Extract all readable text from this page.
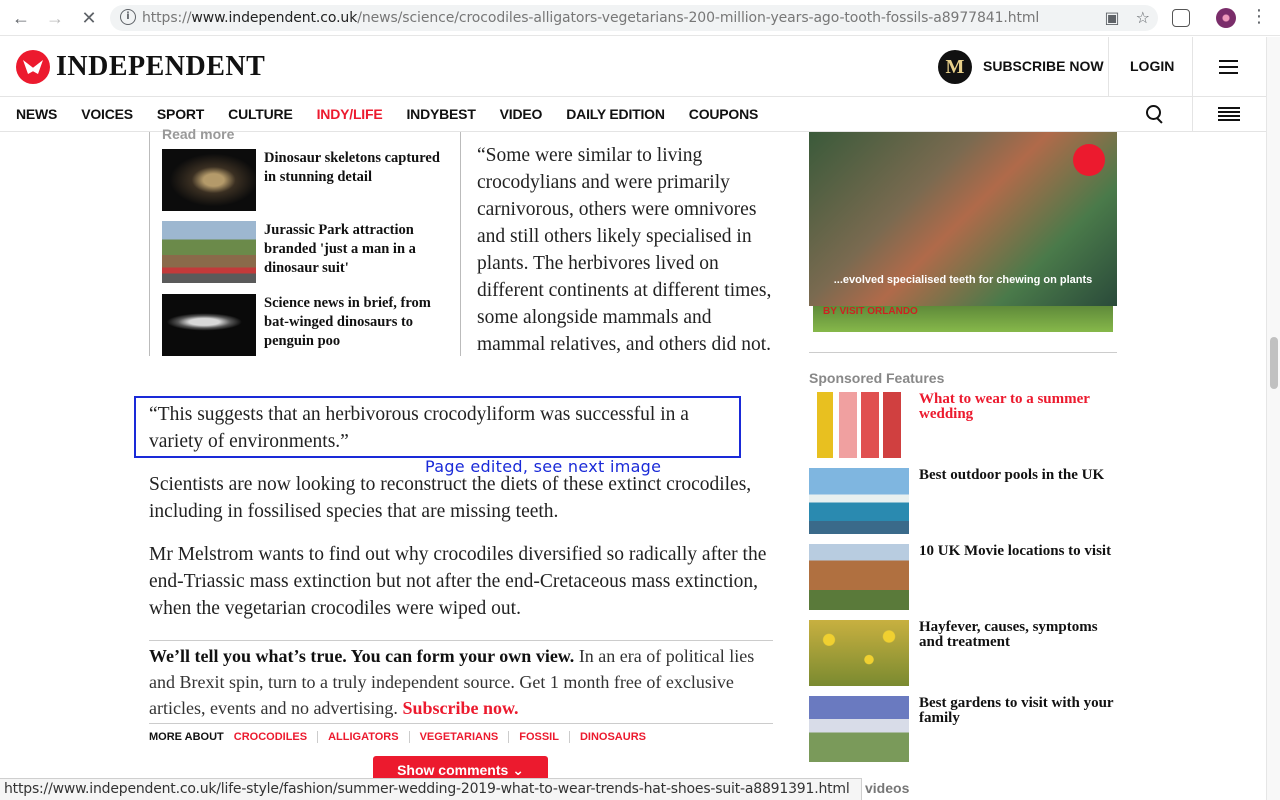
← → ✕	i https://www.independent.co.uk/news/science/crocodiles-alligators-vegetarians-200-million-years-ago-tooth-fossils-a8977841.html	▣ ☆	⋮
INDEPENDENT	M	SUBSCRIBE NOW LOGIN
NEWS VOICES SPORT CULTURE INDY/LIFE INDYBEST VIDEO DAILY EDITION COUPONS
Read more
Dinosaur skeletons captured in stunning detail
Jurassic Park attraction branded 'just a man in a dinosaur suit'
Science news in brief, from bat-winged dinosaurs to penguin poo
“Some were similar to living crocodylians and were primarily carnivorous, others were omnivores and still others likely specialised in plants. The herbivores lived on different continents at different times, some alongside mammals and mammal relatives, and others did not.
“This suggests that an herbivorous crocodyliform was successful in a variety of environments.”
Page edited, see next image
Scientists are now looking to reconstruct the diets of these extinct crocodiles, including in fossilised species that are missing teeth.
Mr Melstrom wants to find out why crocodiles diversified so radically after the end-Triassic mass extinction but not after the end-Cretaceous mass extinction, when the vegetarian crocodiles were wiped out.
We’ll tell you what’s true. You can form your own view. In an era of political lies and Brexit spin, turn to a truly independent source. Get 1 month free of exclusive articles, events and no advertising. Subscribe now.
MORE ABOUT CROCODILES	ALLIGATORS	VEGETARIANS	FOSSIL	DINOSAURS
Show comments ⌄
...evolved specialised teeth for chewing on plants
BY VISIT ORLANDO
Sponsored Features
What to wear to a summer wedding
Best outdoor pools in the UK
10 UK Movie locations to visit
Hayfever, causes, symptoms and treatment
Best gardens to visit with your family
videos
https://www.independent.co.uk/life-style/fashion/summer-wedding-2019-what-to-wear-trends-hat-shoes-suit-a8891391.html
